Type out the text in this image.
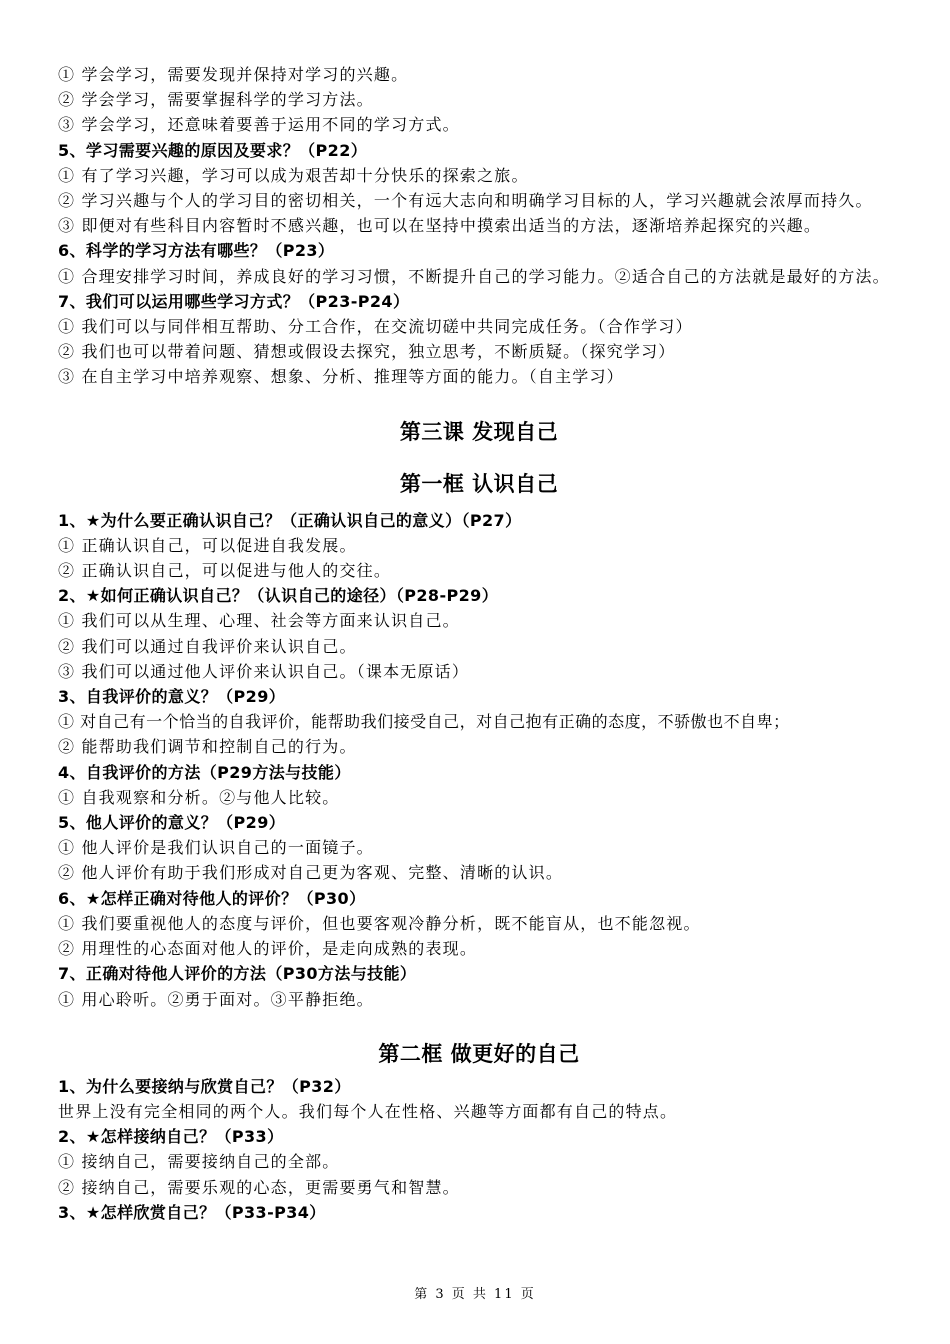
① 学会学习，需要发现并保持对学习的兴趣。

② 学会学习，需要掌握科学的学习方法。

③ 学会学习，还意味着要善于运用不同的学习方式。

5、学习需要兴趣的原因及要求？（P22）

① 有了学习兴趣，学习可以成为艰苦却十分快乐的探索之旅。

② 学习兴趣与个人的学习目的密切相关，一个有远大志向和明确学习目标的人，学习兴趣就会浓厚而持久。

③ 即便对有些科目内容暂时不感兴趣，也可以在坚持中摸索出适当的方法，逐渐培养起探究的兴趣。

6、科学的学习方法有哪些？（P23）

① 合理安排学习时间，养成良好的学习习惯，不断提升自己的学习能力。②适合自己的方法就是最好的方法。

7、我们可以运用哪些学习方式？（P23-P24）

① 我们可以与同伴相互帮助、分工合作，在交流切磋中共同完成任务。（合作学习）

② 我们也可以带着问题、猜想或假设去探究，独立思考，不断质疑。（探究学习）

③ 在自主学习中培养观察、想象、分析、推理等方面的能力。（自主学习）

第三课 发现自己
第一框 认识自己

1、★为什么要正确认识自己？（正确认识自己的意义）（P27）

① 正确认识自己，可以促进自我发展。

② 正确认识自己，可以促进与他人的交往。

2、★如何正确认识自己？（认识自己的途径）（P28-P29）

① 我们可以从生理、心理、社会等方面来认识自己。

② 我们可以通过自我评价来认识自己。

③ 我们可以通过他人评价来认识自己。（课本无原话）

3、自我评价的意义？（P29）

① 对自己有一个恰当的自我评价，能帮助我们接受自己，对自己抱有正确的态度，不骄傲也不自卑；

② 能帮助我们调节和控制自己的行为。

4、自我评价的方法（P29方法与技能）

① 自我观察和分析。②与他人比较。

5、他人评价的意义？（P29）

① 他人评价是我们认识自己的一面镜子。

② 他人评价有助于我们形成对自己更为客观、完整、清晰的认识。

6、★怎样正确对待他人的评价？（P30）

① 我们要重视他人的态度与评价，但也要客观冷静分析，既不能盲从，也不能忽视。

② 用理性的心态面对他人的评价，是走向成熟的表现。

7、正确对待他人评价的方法（P30方法与技能）

① 用心聆听。②勇于面对。③平静拒绝。

第二框 做更好的自己

1、为什么要接纳与欣赏自己？（P32）

世界上没有完全相同的两个人。我们每个人在性格、兴趣等方面都有自己的特点。

2、★怎样接纳自己？（P33）

① 接纳自己，需要接纳自己的全部。

② 接纳自己，需要乐观的心态，更需要勇气和智慧。

3、★怎样欣赏自己？（P33-P34）

第 3 页 共 11 页
